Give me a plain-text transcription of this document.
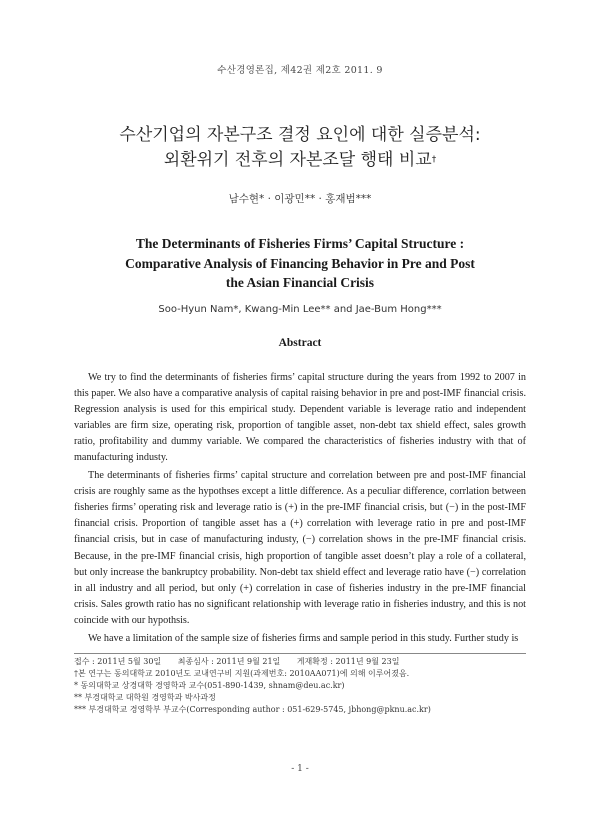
수산경영론집, 제42권 제2호 2011. 9
수산기업의 자본구조 결정 요인에 대한 실증분석:
외환위기 전후의 자본조달 행태 비교†
남수현* · 이광민** · 홍재범***
The Determinants of Fisheries Firms’ Capital Structure :
Comparative Analysis of Financing Behavior in Pre and Post
the Asian Financial Crisis
Soo-Hyun Nam*, Kwang-Min Lee** and Jae-Bum Hong***
Abstract

We try to find the determinants of fisheries firms’ capital structure during the years from 1992 to 2007 in this paper. We also have a comparative analysis of capital raising behavior in pre and post-IMF financial crisis. Regression analysis is used for this empirical study. Dependent variable is leverage ratio and independent variables are firm size, operating risk, proportion of tangible asset, non-debt tax shield effect, sales growth ratio, profitability and dummy variable. We compared the characteristics of fisheries industry with that of manufacturing industy.

The determinants of fisheries firms’ capital structure and correlation between pre and post-IMF financial crisis are roughly same as the hypothses except a little difference. As a peculiar difference, corrlation between fisheries firms’ operating risk and leverage ratio is (+) in the pre-IMF financial crisis, but (−) in the post-IMF financial crisis. Proportion of tangible asset has a (+) correlation with leverage ratio in pre and post-IMF financial crisis, but in case of manufacturing industy, (−) correlation shows in the pre-IMF financial crisis. Because, in the pre-IMF financial crisis, high proportion of tangible asset doesn’t play a role of a collateral, but only increase the bankruptcy probability. Non-debt tax shield effect and leverage ratio have (−) correlation in all industry and all period, but only (+) correlation in case of fisheries industry in the pre-IMF financial crisis. Sales growth ratio has no significant relationship with leverage ratio in fisheries industry, and this is not coincide with our hypothsis.

We have a limitation of the sample size of fisheries firms and sample period in this study. Further study is

접수 : 2011년 5월 30일 최종심사 : 2011년 9월 21일 게재확정 : 2011년 9월 23일
†본 연구는 동의대학교 2010년도 교내연구비 지원(과제번호: 2010AA071)에 의해 이루어졌음.
* 동의대학교 상경대학 경영학과 교수(051-890-1439, shnam@deu.ac.kr)
** 부경대학교 대학원 경영학과 박사과정
*** 부경대학교 경영학부 부교수(Corresponding author : 051-629-5745, jbhong@pknu.ac.kr)
- 1 -
